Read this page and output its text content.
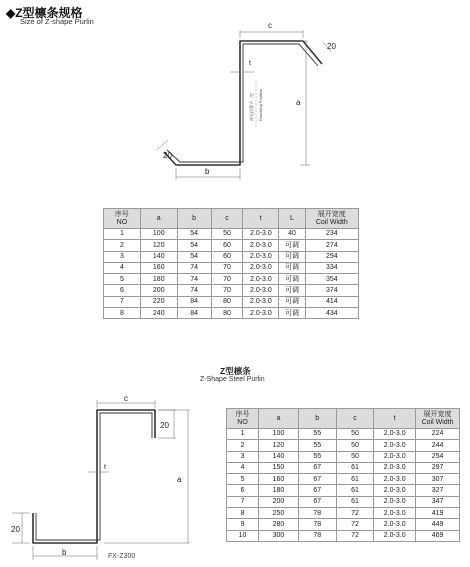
◆Z型檩条规格
Size of Z-shape Purlin	c
20
t
a
b
20
冲孔位置不一定 Punching Position
序号
NO	a	b	c	t	L	展开宽度
Coil Width
1	100	54	50	2.0-3.0	40	234
2	120	54	60	2.0-3.0	可调	274
3	140	54	60	2.0-3.0	可调	294
4	160	74	70	2.0-3.0	可调	334
5	180	74	70	2.0-3.0	可调	354
6	200	74	70	2.0-3.0	可调	374
7	220	84	80	2.0-3.0	可调	414
8	240	84	80	2.0-3.0	可调	434
Z型檩条
Z-Shape Steel Purlin
c
20
t
a
20
b	FX-Z300
序号
NO	a	b	c	t	展开宽度
Coil Width
1	100	55	50	2.0-3.0	224
2	120	55	50	2.0-3.0	244
3	140	55	50	2.0-3.0	254
4	150	67	61	2.0-3.0	297
5	160	67	61	2.0-3.0	307
6	180	67	61	2.0-3.0	327
7	200	67	61	2.0-3.0	347
8	250	78	72	2.0-3.0	419
9	280	78	72	2.0-3.0	449
10	300	78	72	2.0-3.0	469
